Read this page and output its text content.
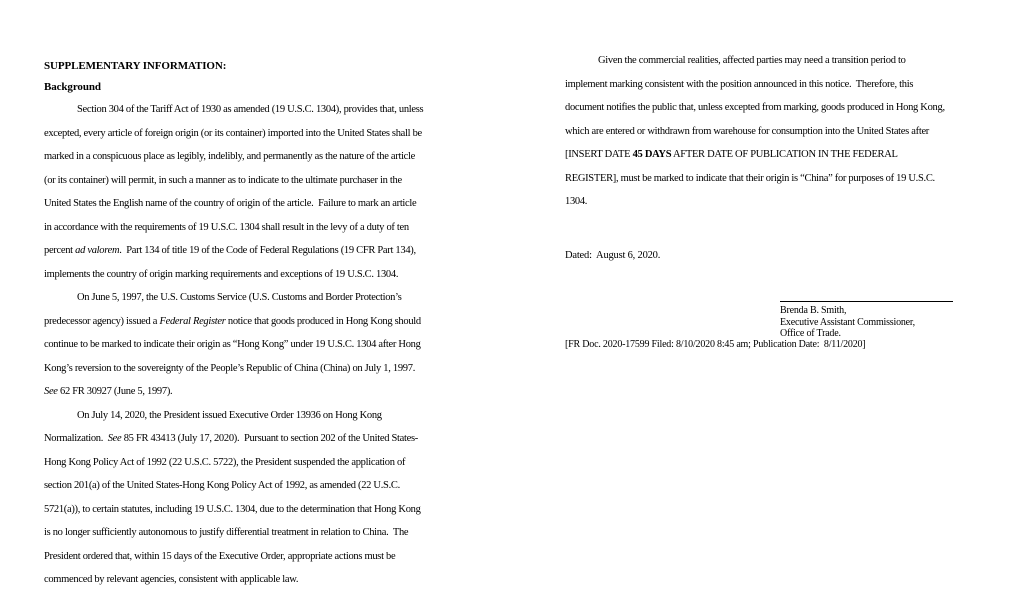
SUPPLEMENTARY INFORMATION:
Background
Section 304 of the Tariff Act of 1930 as amended (19 U.S.C. 1304), provides that, unless
excepted, every article of foreign origin (or its container) imported into the United States shall be
marked in a conspicuous place as legibly, indelibly, and permanently as the nature of the article
(or its container) will permit, in such a manner as to indicate to the ultimate purchaser in the
United States the English name of the country of origin of the article.  Failure to mark an article
in accordance with the requirements of 19 U.S.C. 1304 shall result in the levy of a duty of ten
percent ad valorem.  Part 134 of title 19 of the Code of Federal Regulations (19 CFR Part 134),
implements the country of origin marking requirements and exceptions of 19 U.S.C. 1304.
On June 5, 1997, the U.S. Customs Service (U.S. Customs and Border Protection’s
predecessor agency) issued a Federal Register notice that goods produced in Hong Kong should
continue to be marked to indicate their origin as “Hong Kong” under 19 U.S.C. 1304 after Hong
Kong’s reversion to the sovereignty of the People’s Republic of China (China) on July 1, 1997.
See 62 FR 30927 (June 5, 1997).
On July 14, 2020, the President issued Executive Order 13936 on Hong Kong
Normalization.  See 85 FR 43413 (July 17, 2020).  Pursuant to section 202 of the United States-
Hong Kong Policy Act of 1992 (22 U.S.C. 5722), the President suspended the application of
section 201(a) of the United States-Hong Kong Policy Act of 1992, as amended (22 U.S.C.
5721(a)), to certain statutes, including 19 U.S.C. 1304, due to the determination that Hong Kong
is no longer sufficiently autonomous to justify differential treatment in relation to China.  The
President ordered that, within 15 days of the Executive Order, appropriate actions must be
commenced by relevant agencies, consistent with applicable law.
Given the commercial realities, affected parties may need a transition period to
implement marking consistent with the position announced in this notice.  Therefore, this
document notifies the public that, unless excepted from marking, goods produced in Hong Kong,
which are entered or withdrawn from warehouse for consumption into the United States after
[INSERT DATE 45 DAYS AFTER DATE OF PUBLICATION IN THE FEDERAL
REGISTER], must be marked to indicate that their origin is “China” for purposes of 19 U.S.C.
1304.
Dated:  August 6, 2020.
Brenda B. Smith,
Executive Assistant Commissioner,
Office of Trade.
[FR Doc. 2020-17599 Filed: 8/10/2020 8:45 am; Publication Date:  8/11/2020]
